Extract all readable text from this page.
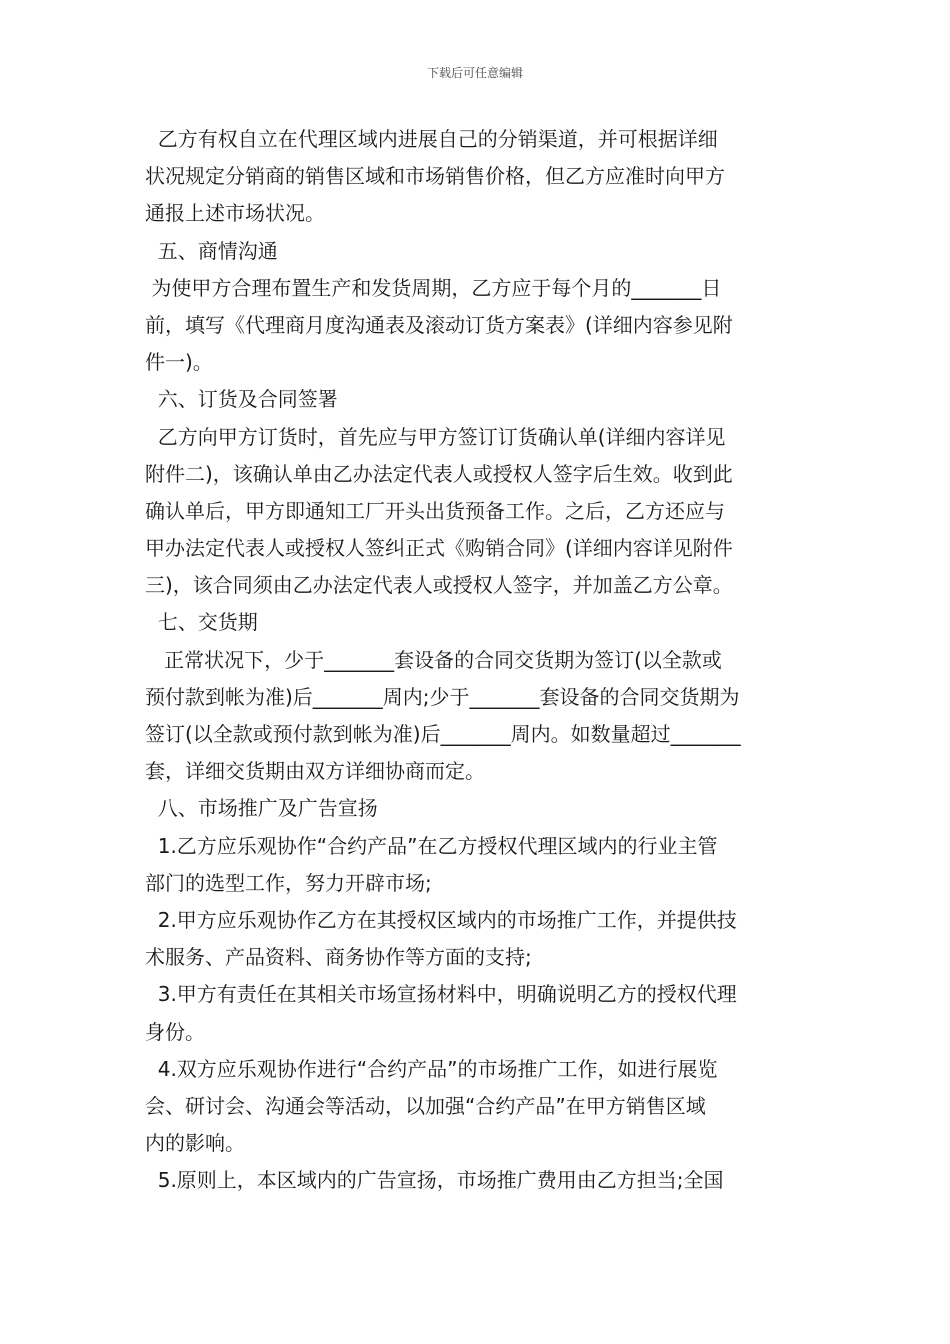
下载后可任意编辑
乙方有权自立在代理区域内进展自己的分销渠道，并可根据详细
状况规定分销商的销售区域和市场销售价格，但乙方应准时向甲方
通报上述市场状况。
五、商情沟通
为使甲方合理布置生产和发货周期，乙方应于每个月的_______日
前，填写《代理商月度沟通表及滚动订货方案表》(详细内容参见附
件一)。
六、订货及合同签署
乙方向甲方订货时，首先应与甲方签订订货确认单(详细内容详见
附件二)，该确认单由乙办法定代表人或授权人签字后生效。收到此
确认单后，甲方即通知工厂开头出货预备工作。之后，乙方还应与
甲办法定代表人或授权人签纠正式《购销合同》(详细内容详见附件
三)，该合同须由乙办法定代表人或授权人签字，并加盖乙方公章。
七、交货期
正常状况下，少于_______套设备的合同交货期为签订(以全款或
预付款到帐为准)后_______周内;少于_______套设备的合同交货期为
签订(以全款或预付款到帐为准)后_______周内。如数量超过_______
套，详细交货期由双方详细协商而定。
八、市场推广及广告宣扬
1.乙方应乐观协作“合约产品”在乙方授权代理区域内的行业主管
部门的选型工作，努力开辟市场;
2.甲方应乐观协作乙方在其授权区域内的市场推广工作，并提供技
术服务、产品资料、商务协作等方面的支持;
3.甲方有责任在其相关市场宣扬材料中，明确说明乙方的授权代理
身份。
4.双方应乐观协作进行“合约产品”的市场推广工作，如进行展览
会、研讨会、沟通会等活动，以加强“合约产品”在甲方销售区域
内的影响。
5.原则上，本区域内的广告宣扬，市场推广费用由乙方担当;全国
